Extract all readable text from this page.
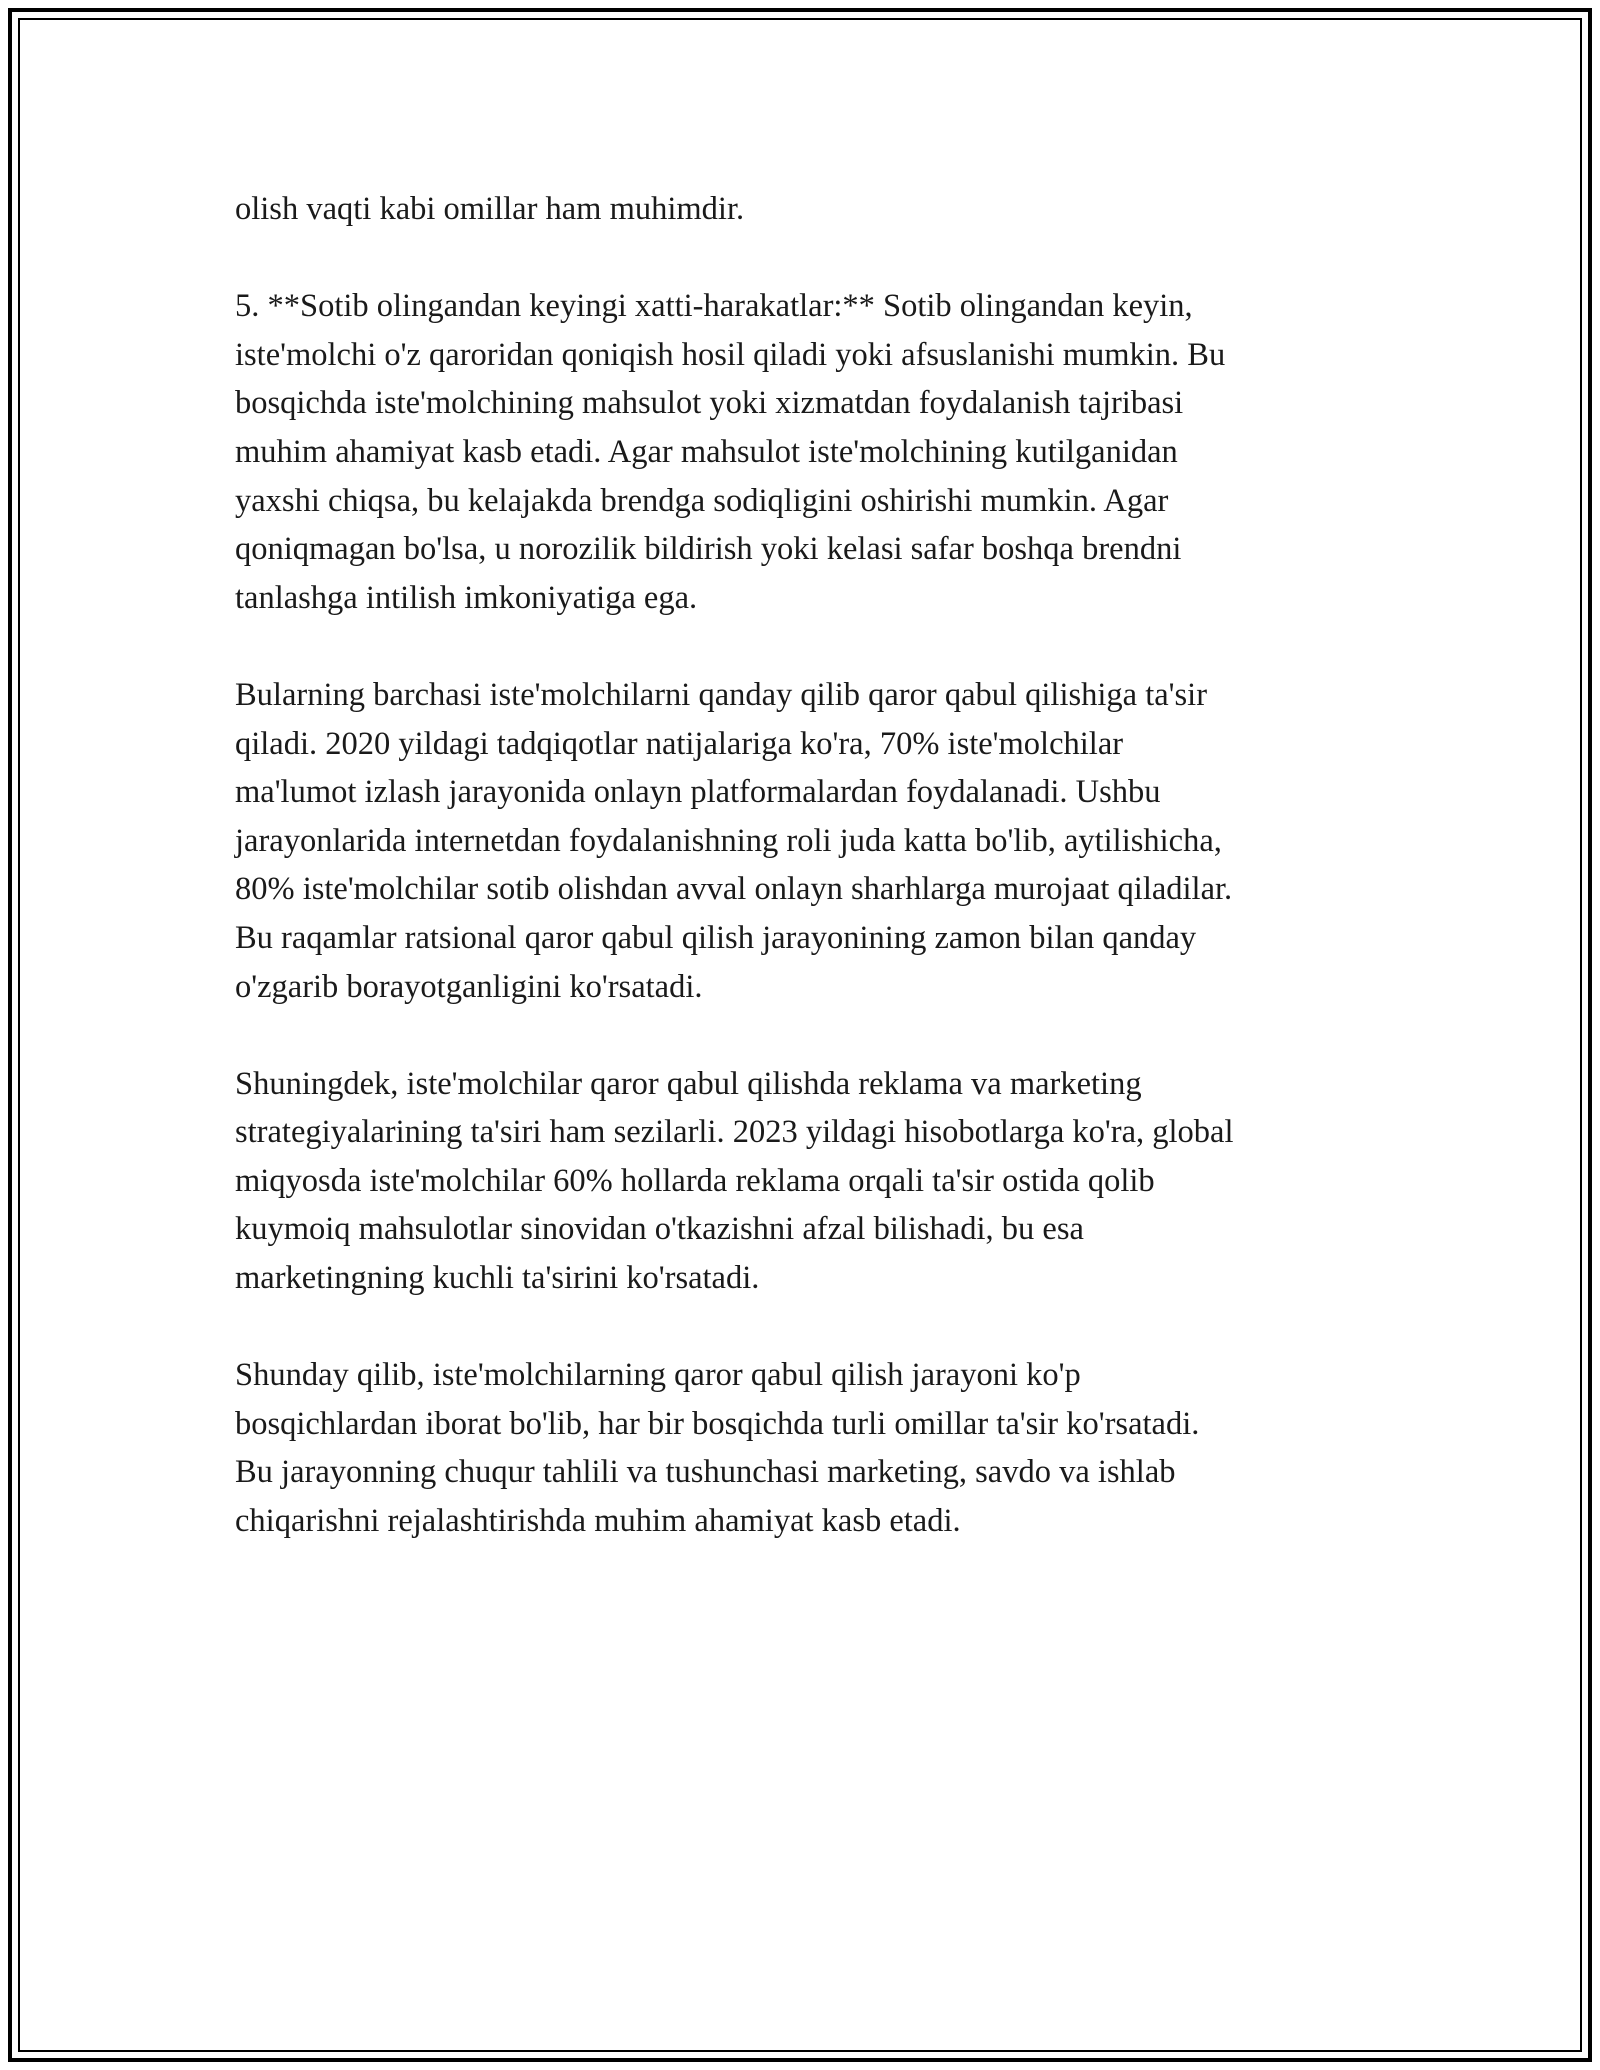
olish vaqti kabi omillar ham muhimdir.

5. **Sotib olingandan keyingi xatti-harakatlar:** Sotib olingandan keyin,
iste'molchi o'z qaroridan qoniqish hosil qiladi yoki afsuslanishi mumkin. Bu
bosqichda iste'molchining mahsulot yoki xizmatdan foydalanish tajribasi
muhim ahamiyat kasb etadi. Agar mahsulot iste'molchining kutilganidan
yaxshi chiqsa, bu kelajakda brendga sodiqligini oshirishi mumkin. Agar
qoniqmagan bo'lsa, u norozilik bildirish yoki kelasi safar boshqa brendni
tanlashga intilish imkoniyatiga ega.

Bularning barchasi iste'molchilarni qanday qilib qaror qabul qilishiga ta'sir
qiladi. 2020 yildagi tadqiqotlar natijalariga ko'ra, 70% iste'molchilar
ma'lumot izlash jarayonida onlayn platformalardan foydalanadi. Ushbu
jarayonlarida internetdan foydalanishning roli juda katta bo'lib, aytilishicha,
80% iste'molchilar sotib olishdan avval onlayn sharhlarga murojaat qiladilar.
Bu raqamlar ratsional qaror qabul qilish jarayonining zamon bilan qanday
o'zgarib borayotganligini ko'rsatadi.

Shuningdek, iste'molchilar qaror qabul qilishda reklama va marketing
strategiyalarining ta'siri ham sezilarli. 2023 yildagi hisobotlarga ko'ra, global
miqyosda iste'molchilar 60% hollarda reklama orqali ta'sir ostida qolib
kuymoiq mahsulotlar sinovidan o'tkazishni afzal bilishadi, bu esa
marketingning kuchli ta'sirini ko'rsatadi.

Shunday qilib, iste'molchilarning qaror qabul qilish jarayoni ko'p
bosqichlardan iborat bo'lib, har bir bosqichda turli omillar ta'sir ko'rsatadi.
Bu jarayonning chuqur tahlili va tushunchasi marketing, savdo va ishlab
chiqarishni rejalashtirishda muhim ahamiyat kasb etadi.
